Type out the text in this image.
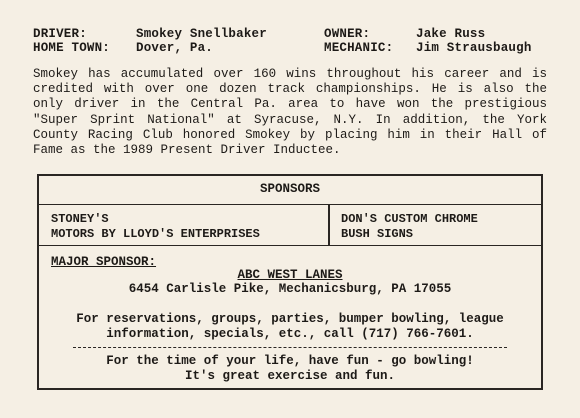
DRIVER:	Smokey Snellbaker	OWNER:	Jake Russ
HOME TOWN: Dover, Pa.	MECHANIC: Jim Strausbaugh
Smokey has accumulated over 160 wins throughout his career and is credited with over one dozen track championships. He is also the only driver in the Central Pa. area to have won the prestigious "Super Sprint National" at Syracuse, N.Y. In addition, the York County Racing Club honored Smokey by placing him in their Hall of Fame as the 1989 Present Driver Inductee.
SPONSORS
STONEY'S
MOTORS BY LLOYD'S ENTERPRISES
DON'S CUSTOM CHROME
BUSH SIGNS
MAJOR SPONSOR:
ABC WEST LANES
6454 Carlisle Pike, Mechanicsburg, PA 17055
For reservations, groups, parties, bumper bowling, league
information, specials, etc., call (717) 766-7601.
For the time of your life, have fun - go bowling!
It's great exercise and fun.
